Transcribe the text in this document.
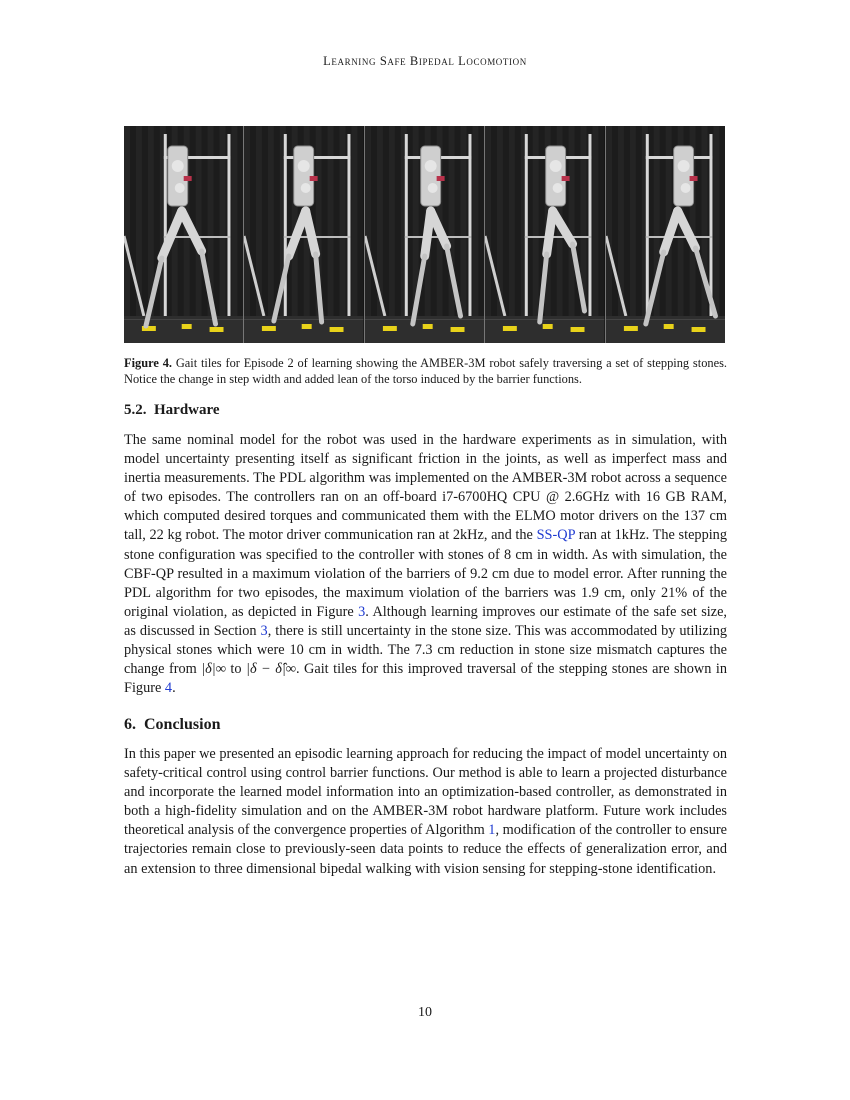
Learning Safe Bipedal Locomotion
Figure 4. Gait tiles for Episode 2 of learning showing the AMBER-3M robot safely traversing a set of stepping stones. Notice the change in step width and added lean of the torso induced by the barrier functions.
5.2. Hardware
The same nominal model for the robot was used in the hardware experiments as in simulation, with model uncertainty presenting itself as significant friction in the joints, as well as imperfect mass and inertia measurements. The PDL algorithm was implemented on the AMBER-3M robot across a sequence of two episodes. The controllers ran on an off-board i7-6700HQ CPU @ 2.6GHz with 16 GB RAM, which computed desired torques and communicated them with the ELMO motor drivers on the 137 cm tall, 22 kg robot. The motor driver communication ran at 2kHz, and the SS-QP ran at 1kHz. The stepping stone configuration was specified to the controller with stones of 8 cm in width. As with simulation, the CBF-QP resulted in a maximum violation of the barriers of 9.2 cm due to model error. After running the PDL algorithm for two episodes, the maximum violation of the barriers was 1.9 cm, only 21% of the original violation, as depicted in Figure 3. Although learning improves our estimate of the safe set size, as discussed in Section 3, there is still uncertainty in the stone size. This was accommodated by utilizing physical stones which were 10 cm in width. The 7.3 cm reduction in stone size mismatch captures the change from |δ|∞ to |δ − δ̂|∞. Gait tiles for this improved traversal of the stepping stones are shown in Figure 4.
6. Conclusion
In this paper we presented an episodic learning approach for reducing the impact of model uncertainty on safety-critical control using control barrier functions. Our method is able to learn a projected disturbance and incorporate the learned model information into an optimization-based controller, as demonstrated in both a high-fidelity simulation and on the AMBER-3M robot hardware platform. Future work includes theoretical analysis of the convergence properties of Algorithm 1, modification of the controller to ensure trajectories remain close to previously-seen data points to reduce the effects of generalization error, and an extension to three dimensional bipedal walking with vision sensing for stepping-stone identification.
10
